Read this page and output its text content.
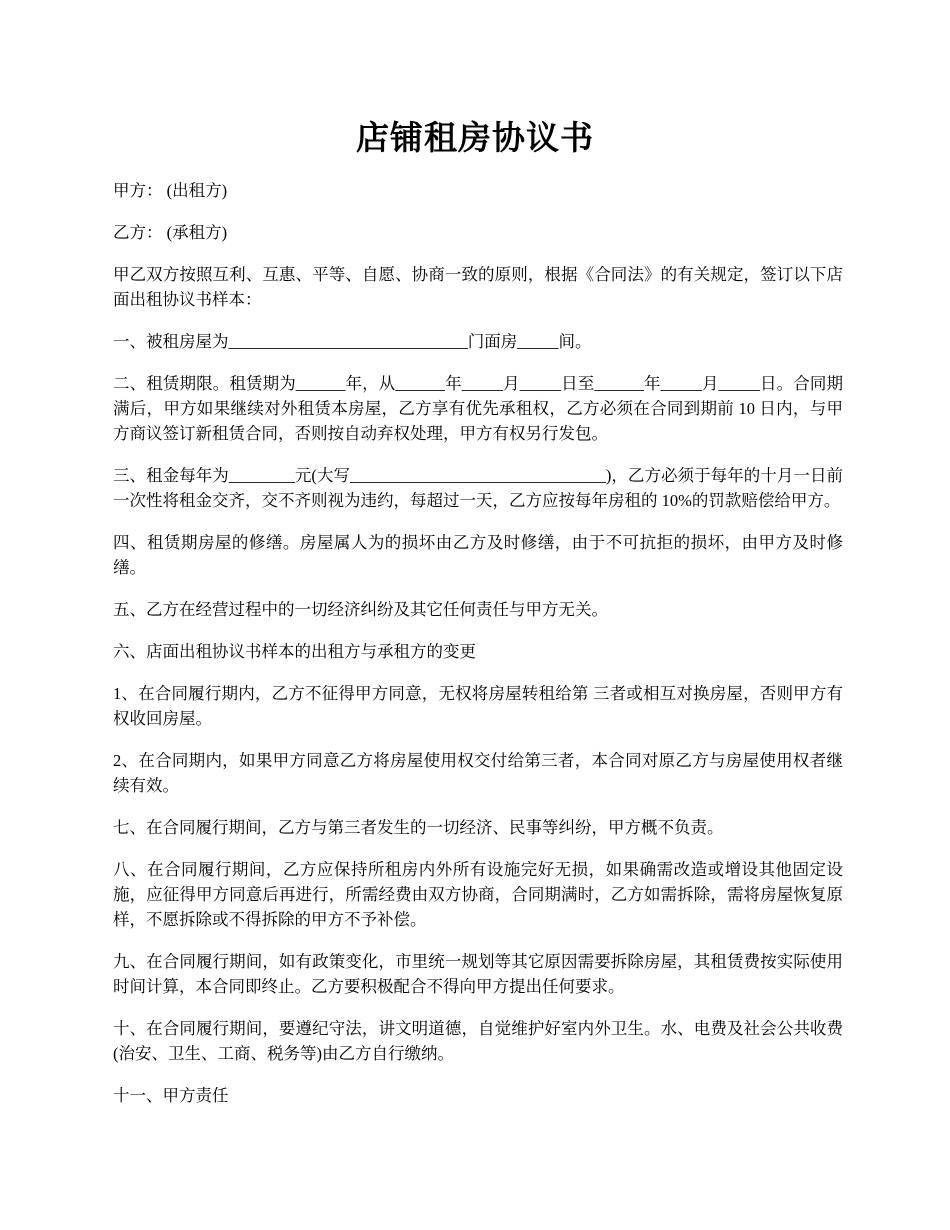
店铺租房协议书

甲方： (出租方)

乙方： (承租方)

甲乙双方按照互利、互惠、平等、自愿、协商一致的原则，根据《合同法》的有关规定，签订以下店面出租协议书样本：

一、被租房屋为_____________________________门面房_____间。

二、租赁期限。租赁期为______年，从______年_____月_____日至______年_____月_____日。合同期满后，甲方如果继续对外租赁本房屋，乙方享有优先承租权，乙方必须在合同到期前 10 日内，与甲方商议签订新租赁合同，否则按自动弃权处理，甲方有权另行发包。

三、租金每年为________元(大写_______________________________)，乙方必须于每年的十月一日前一次性将租金交齐，交不齐则视为违约，每超过一天，乙方应按每年房租的 10%的罚款赔偿给甲方。

四、租赁期房屋的修缮。房屋属人为的损坏由乙方及时修缮，由于不可抗拒的损坏，由甲方及时修缮。

五、乙方在经营过程中的一切经济纠纷及其它任何责任与甲方无关。

六、店面出租协议书样本的出租方与承租方的变更

1、在合同履行期内，乙方不征得甲方同意，无权将房屋转租给第 三者或相互对换房屋，否则甲方有权收回房屋。

2、在合同期内，如果甲方同意乙方将房屋使用权交付给第三者，本合同对原乙方与房屋使用权者继续有效。

七、在合同履行期间，乙方与第三者发生的一切经济、民事等纠纷，甲方概不负责。

八、在合同履行期间，乙方应保持所租房内外所有设施完好无损，如果确需改造或增设其他固定设施，应征得甲方同意后再进行，所需经费由双方协商，合同期满时，乙方如需拆除，需将房屋恢复原样，不愿拆除或不得拆除的甲方不予补偿。

九、在合同履行期间，如有政策变化，市里统一规划等其它原因需要拆除房屋，其租赁费按实际使用时间计算，本合同即终止。乙方要积极配合不得向甲方提出任何要求。

十、在合同履行期间，要遵纪守法，讲文明道德，自觉维护好室内外卫生。水、电费及社会公共收费(治安、卫生、工商、税务等)由乙方自行缴纳。

十一、甲方责任
